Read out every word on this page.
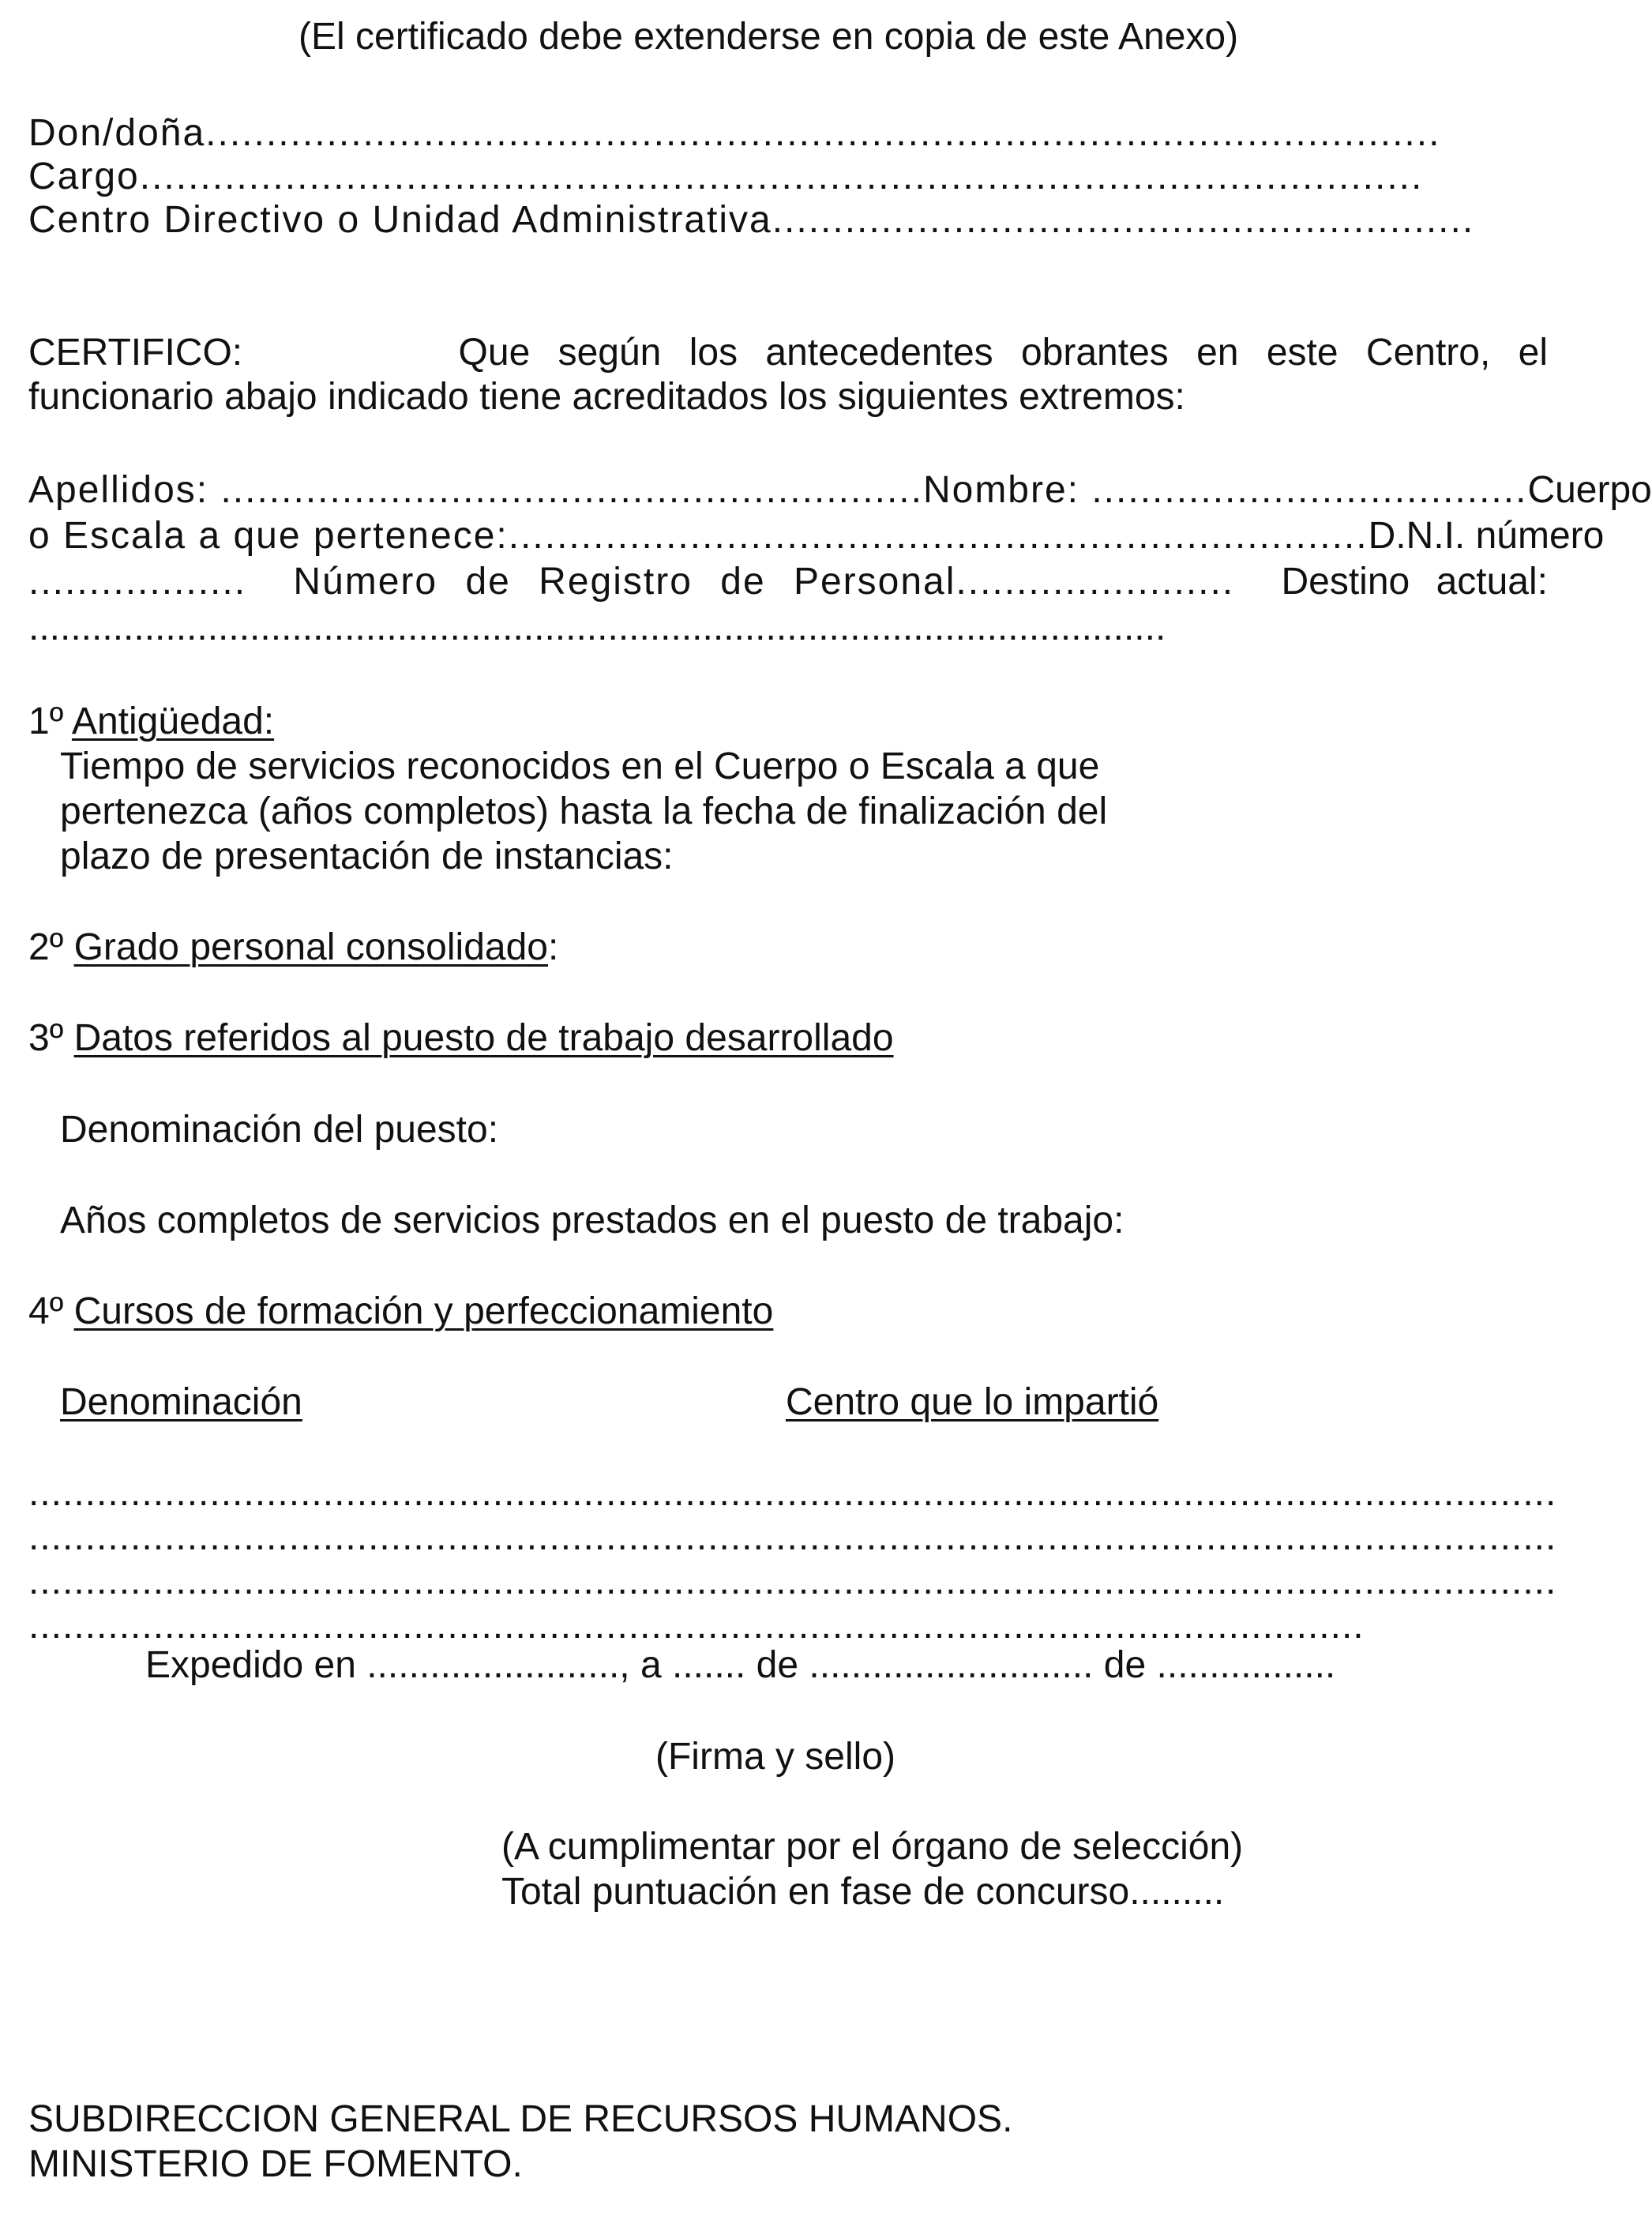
(El certificado debe extenderse en copia de este Anexo)
Don/doña......................................................................................................
Cargo..........................................................................................................
Centro Directivo o Unidad Administrativa..........................................................
CERTIFICO:	Que según los antecedentes obrantes en este Centro, el
funcionario abajo indicado tiene acreditados los siguientes extremos:
Apellidos: .......................................................... Nombre: .................................... Cuerpo
o Escala a que pertenece:....................................................................... D.N.I. número
.................. Número de Registro de Personal....................... Destino actual:
............................................................................................................
1º Antigüedad:
Tiempo de servicios reconocidos en el Cuerpo o Escala a que
pertenezca (años completos) hasta la fecha de finalización del
plazo de presentación de instancias:
2º Grado personal consolidado:
3º Datos referidos al puesto de trabajo desarrollado
Denominación del puesto:
Años completos de servicios prestados en el puesto de trabajo:
4º Cursos de formación y perfeccionamiento
Denominación	Centro que lo impartió
.......................................................................................................................................
.......................................................................................................................................
.......................................................................................................................................
......................................................................................................................
Expedido en ........................, a ....... de ........................... de .................
(Firma y sello)
(A cumplimentar por el órgano de selección)
Total puntuación en fase de concurso.........
SUBDIRECCION GENERAL DE RECURSOS HUMANOS.
MINISTERIO DE FOMENTO.
